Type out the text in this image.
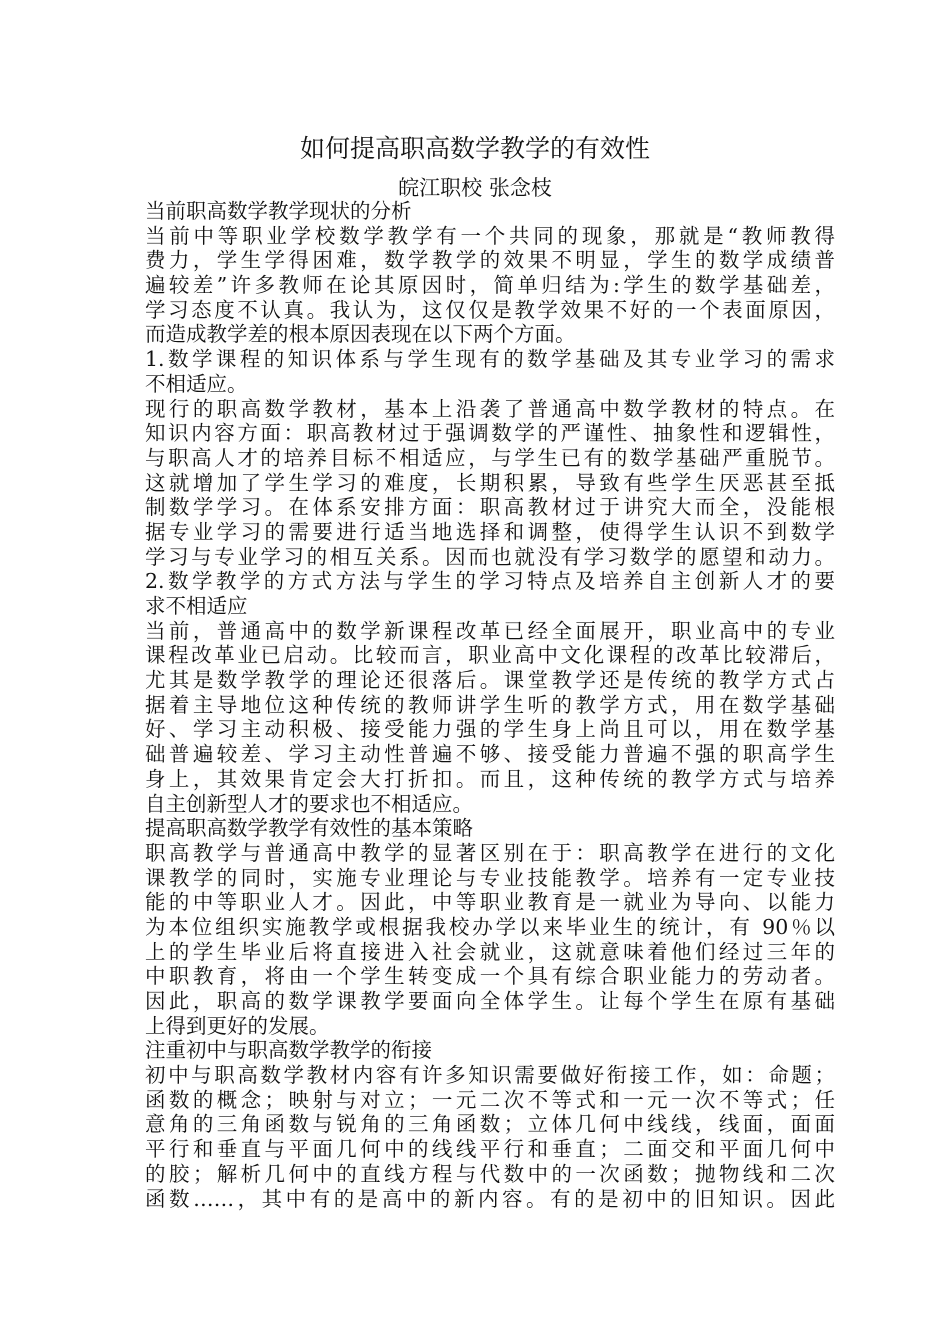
如何提高职高数学教学的有效性
皖江职校 张念枝
当前职高数学教学现状的分析
当前中等职业学校数学教学有一个共同的现象，那就是“教师教得
费力，学生学得困难，数学教学的效果不明显，学生的数学成绩普
遍较差”许多教师在论其原因时，简单归结为:学生的数学基础差，
学习态度不认真。我认为，这仅仅是教学效果不好的一个表面原因，
而造成教学差的根本原因表现在以下两个方面。
1.数学课程的知识体系与学生现有的数学基础及其专业学习的需求
不相适应。
现行的职高数学教材，基本上沿袭了普通高中数学教材的特点。在
知识内容方面：职高教材过于强调数学的严谨性、抽象性和逻辑性，
与职高人才的培养目标不相适应，与学生已有的数学基础严重脱节。
这就增加了学生学习的难度，长期积累，导致有些学生厌恶甚至抵
制数学学习。在体系安排方面：职高教材过于讲究大而全，没能根
据专业学习的需要进行适当地选择和调整，使得学生认识不到数学
学习与专业学习的相互关系。因而也就没有学习数学的愿望和动力。
2.数学教学的方式方法与学生的学习特点及培养自主创新人才的要
求不相适应
当前，普通高中的数学新课程改革已经全面展开，职业高中的专业
课程改革业已启动。比较而言，职业高中文化课程的改革比较滞后，
尤其是数学教学的理论还很落后。课堂教学还是传统的教学方式占
据着主导地位这种传统的教师讲学生听的教学方式，用在数学基础
好、学习主动积极、接受能力强的学生身上尚且可以，用在数学基
础普遍较差、学习主动性普遍不够、接受能力普遍不强的职高学生
身上，其效果肯定会大打折扣。而且，这种传统的教学方式与培养
自主创新型人才的要求也不相适应。
提高职高数学教学有效性的基本策略
职高教学与普通高中教学的显著区别在于：职高教学在进行的文化
课教学的同时，实施专业理论与专业技能教学。培养有一定专业技
能的中等职业人才。因此，中等职业教育是一就业为导向、以能力
为本位组织实施教学或根据我校办学以来毕业生的统计，有 90％以
上的学生毕业后将直接进入社会就业，这就意味着他们经过三年的
中职教育，将由一个学生转变成一个具有综合职业能力的劳动者。
因此，职高的数学课教学要面向全体学生。让每个学生在原有基础
上得到更好的发展。
注重初中与职高数学教学的衔接
初中与职高数学教材内容有许多知识需要做好衔接工作，如：命题；
函数的概念；映射与对立；一元二次不等式和一元一次不等式；任
意角的三角函数与锐角的三角函数；立体几何中线线，线面，面面
平行和垂直与平面几何中的线线平行和垂直；二面交和平面几何中
的胶；解析几何中的直线方程与代数中的一次函数；抛物线和二次
函数……，其中有的是高中的新内容。有的是初中的旧知识。因此
